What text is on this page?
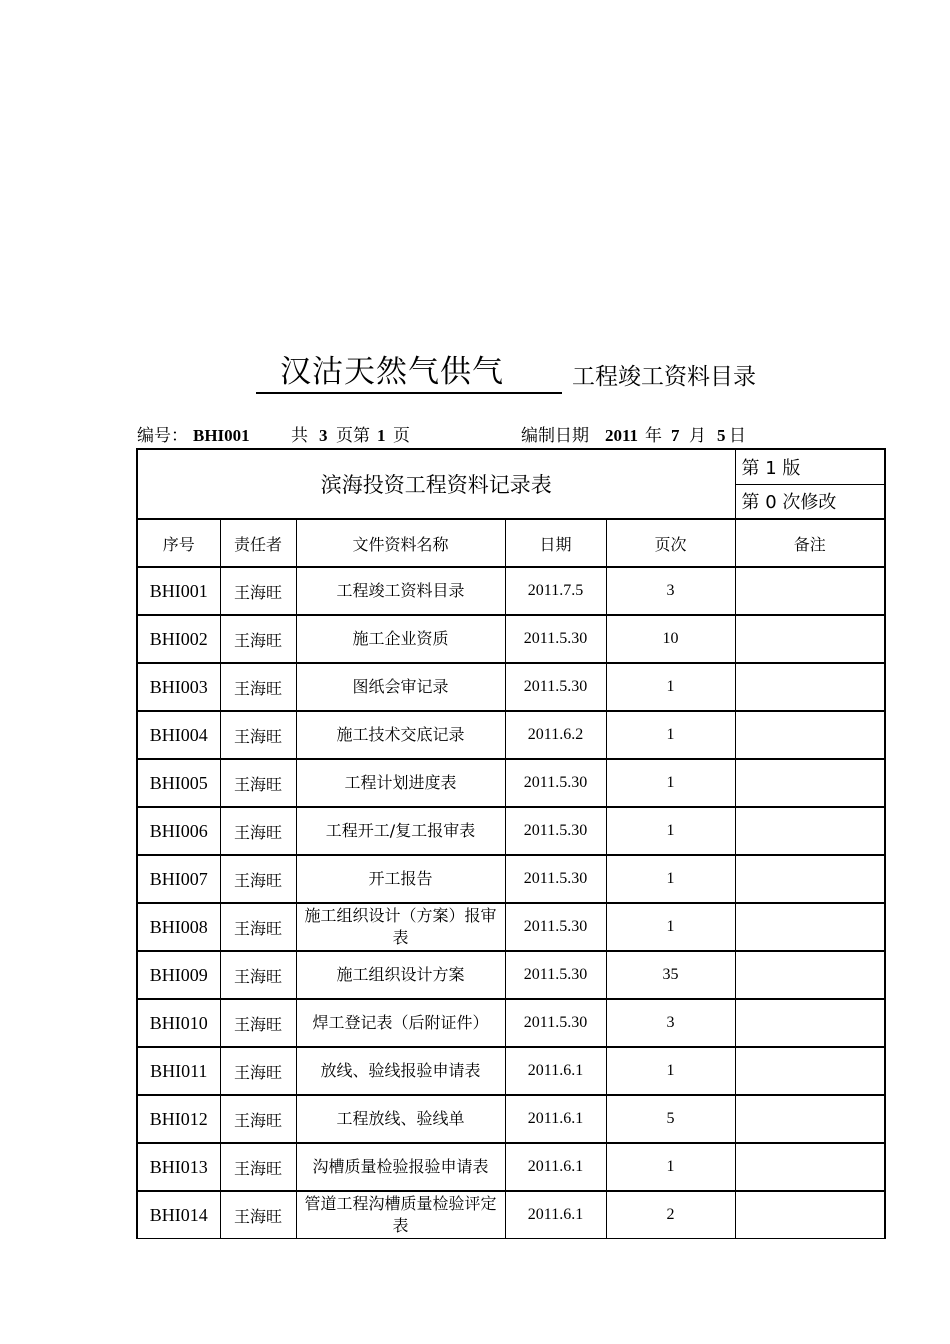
汉沽天然气供气	工程竣工资料目录
编号： BHI001 共 3 页第 1 页	编制日期 2011 年 7 月 5 日
滨海投资工程资料记录表					第 1 版
					第 0 次修改
序号	责任者	文件资料名称	日期	页次	备注
BHI001	王海旺	工程竣工资料目录	2011.7.5	3	
BHI002	王海旺	施工企业资质	2011.5.30	10	
BHI003	王海旺	图纸会审记录	2011.5.30	1	
BHI004	王海旺	施工技术交底记录	2011.6.2	1	
BHI005	王海旺	工程计划进度表	2011.5.30	1	
BHI006	王海旺	工程开工/复工报审表	2011.5.30	1	
BHI007	王海旺	开工报告	2011.5.30	1	
BHI008	王海旺	施工组织设计（方案）报审表	2011.5.30	1	
BHI009	王海旺	施工组织设计方案	2011.5.30	35	
BHI010	王海旺	焊工登记表（后附证件）	2011.5.30	3	
BHI011	王海旺	放线、验线报验申请表	2011.6.1	1	
BHI012	王海旺	工程放线、验线单	2011.6.1	5	
BHI013	王海旺	沟槽质量检验报验申请表	2011.6.1	1	
BHI014	王海旺	管道工程沟槽质量检验评定表	2011.6.1	2	
